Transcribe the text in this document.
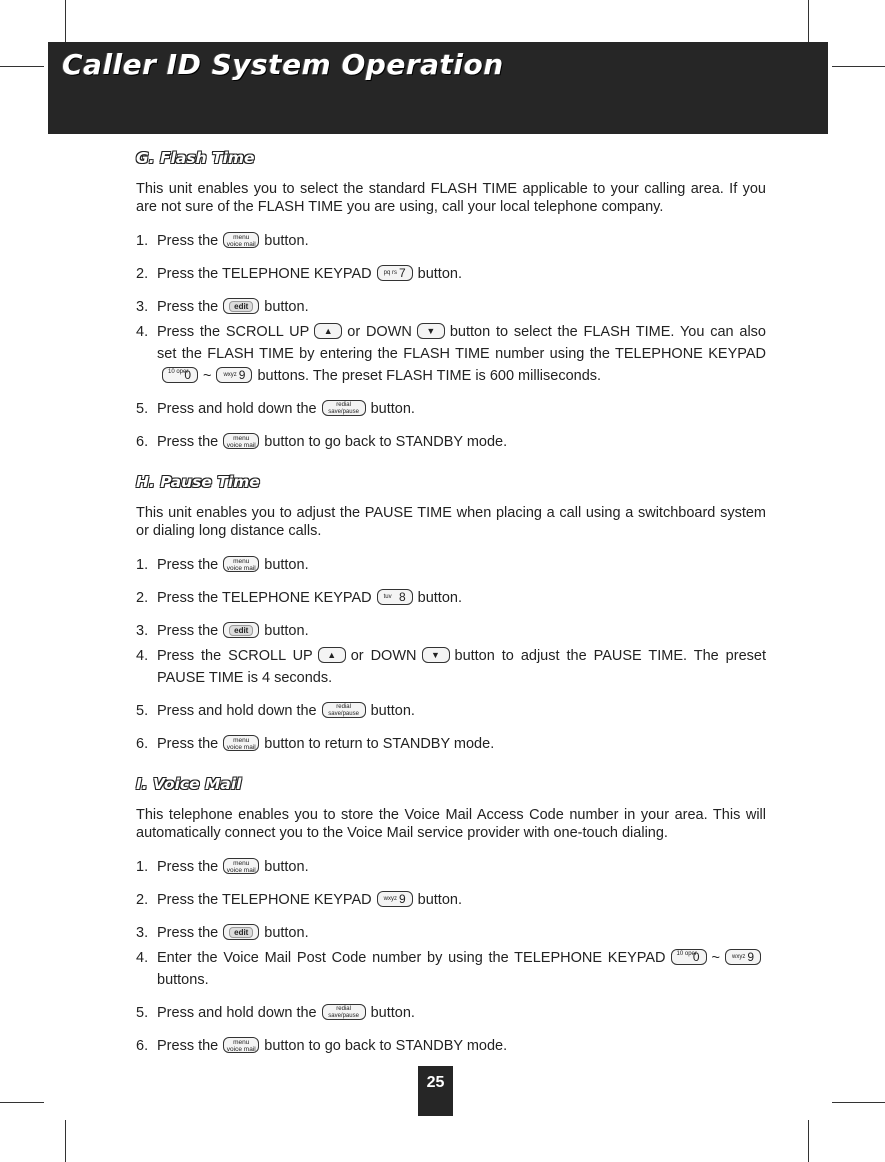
Caller ID System Operation
G. Flash Time

This unit enables you to select the standard FLASH TIME applicable to your calling area. If you are not sure of the FLASH TIME you are using, call your local telephone company.

1. Press the	menu
voice mail button.
2. Press the TELEPHONE KEYPAD pq rs 7 button.
3. Press the edit button.
4. Press the SCROLL UP ▲ or DOWN ▼ button to select the FLASH TIME. You can also set the FLASH TIME by entering the FLASH TIME number using the TELEPHONE KEYPAD
10 oper
0 ~ wxyz 9 buttons. The preset FLASH TIME is 600 milliseconds.
5. Press and hold down the	redial
save/pause button.
6. Press the	menu
voice mail button to go back to STANDBY mode.
H. Pause Time

This unit enables you to adjust the PAUSE TIME when placing a call using a switchboard system or dialing long distance calls.

1. Press the	menu
voice mail button.
2. Press the TELEPHONE KEYPAD tuv 8 button.
3. Press the edit button.
4. Press the SCROLL UP ▲ or DOWN ▼ button to adjust the PAUSE TIME. The preset PAUSE TIME is 4 seconds.
5. Press and hold down the	redial
save/pause button.
6. Press the	menu
voice mail button to return to STANDBY mode.
I. Voice Mail

This telephone enables you to store the Voice Mail Access Code number in your area. This will automatically connect you to the Voice Mail service provider with one-touch dialing.

1. Press the	menu
voice mail button.
2. Press the TELEPHONE KEYPAD wxyz 9 button.
3. Press the edit button.
4. Enter the Voice Mail Post Code number by using the TELEPHONE KEYPAD 10 oper
0 ~ wxyz 9
buttons.
5. Press and hold down the	redial
save/pause button.
6. Press the	menu
voice mail button to go back to STANDBY mode.
25
